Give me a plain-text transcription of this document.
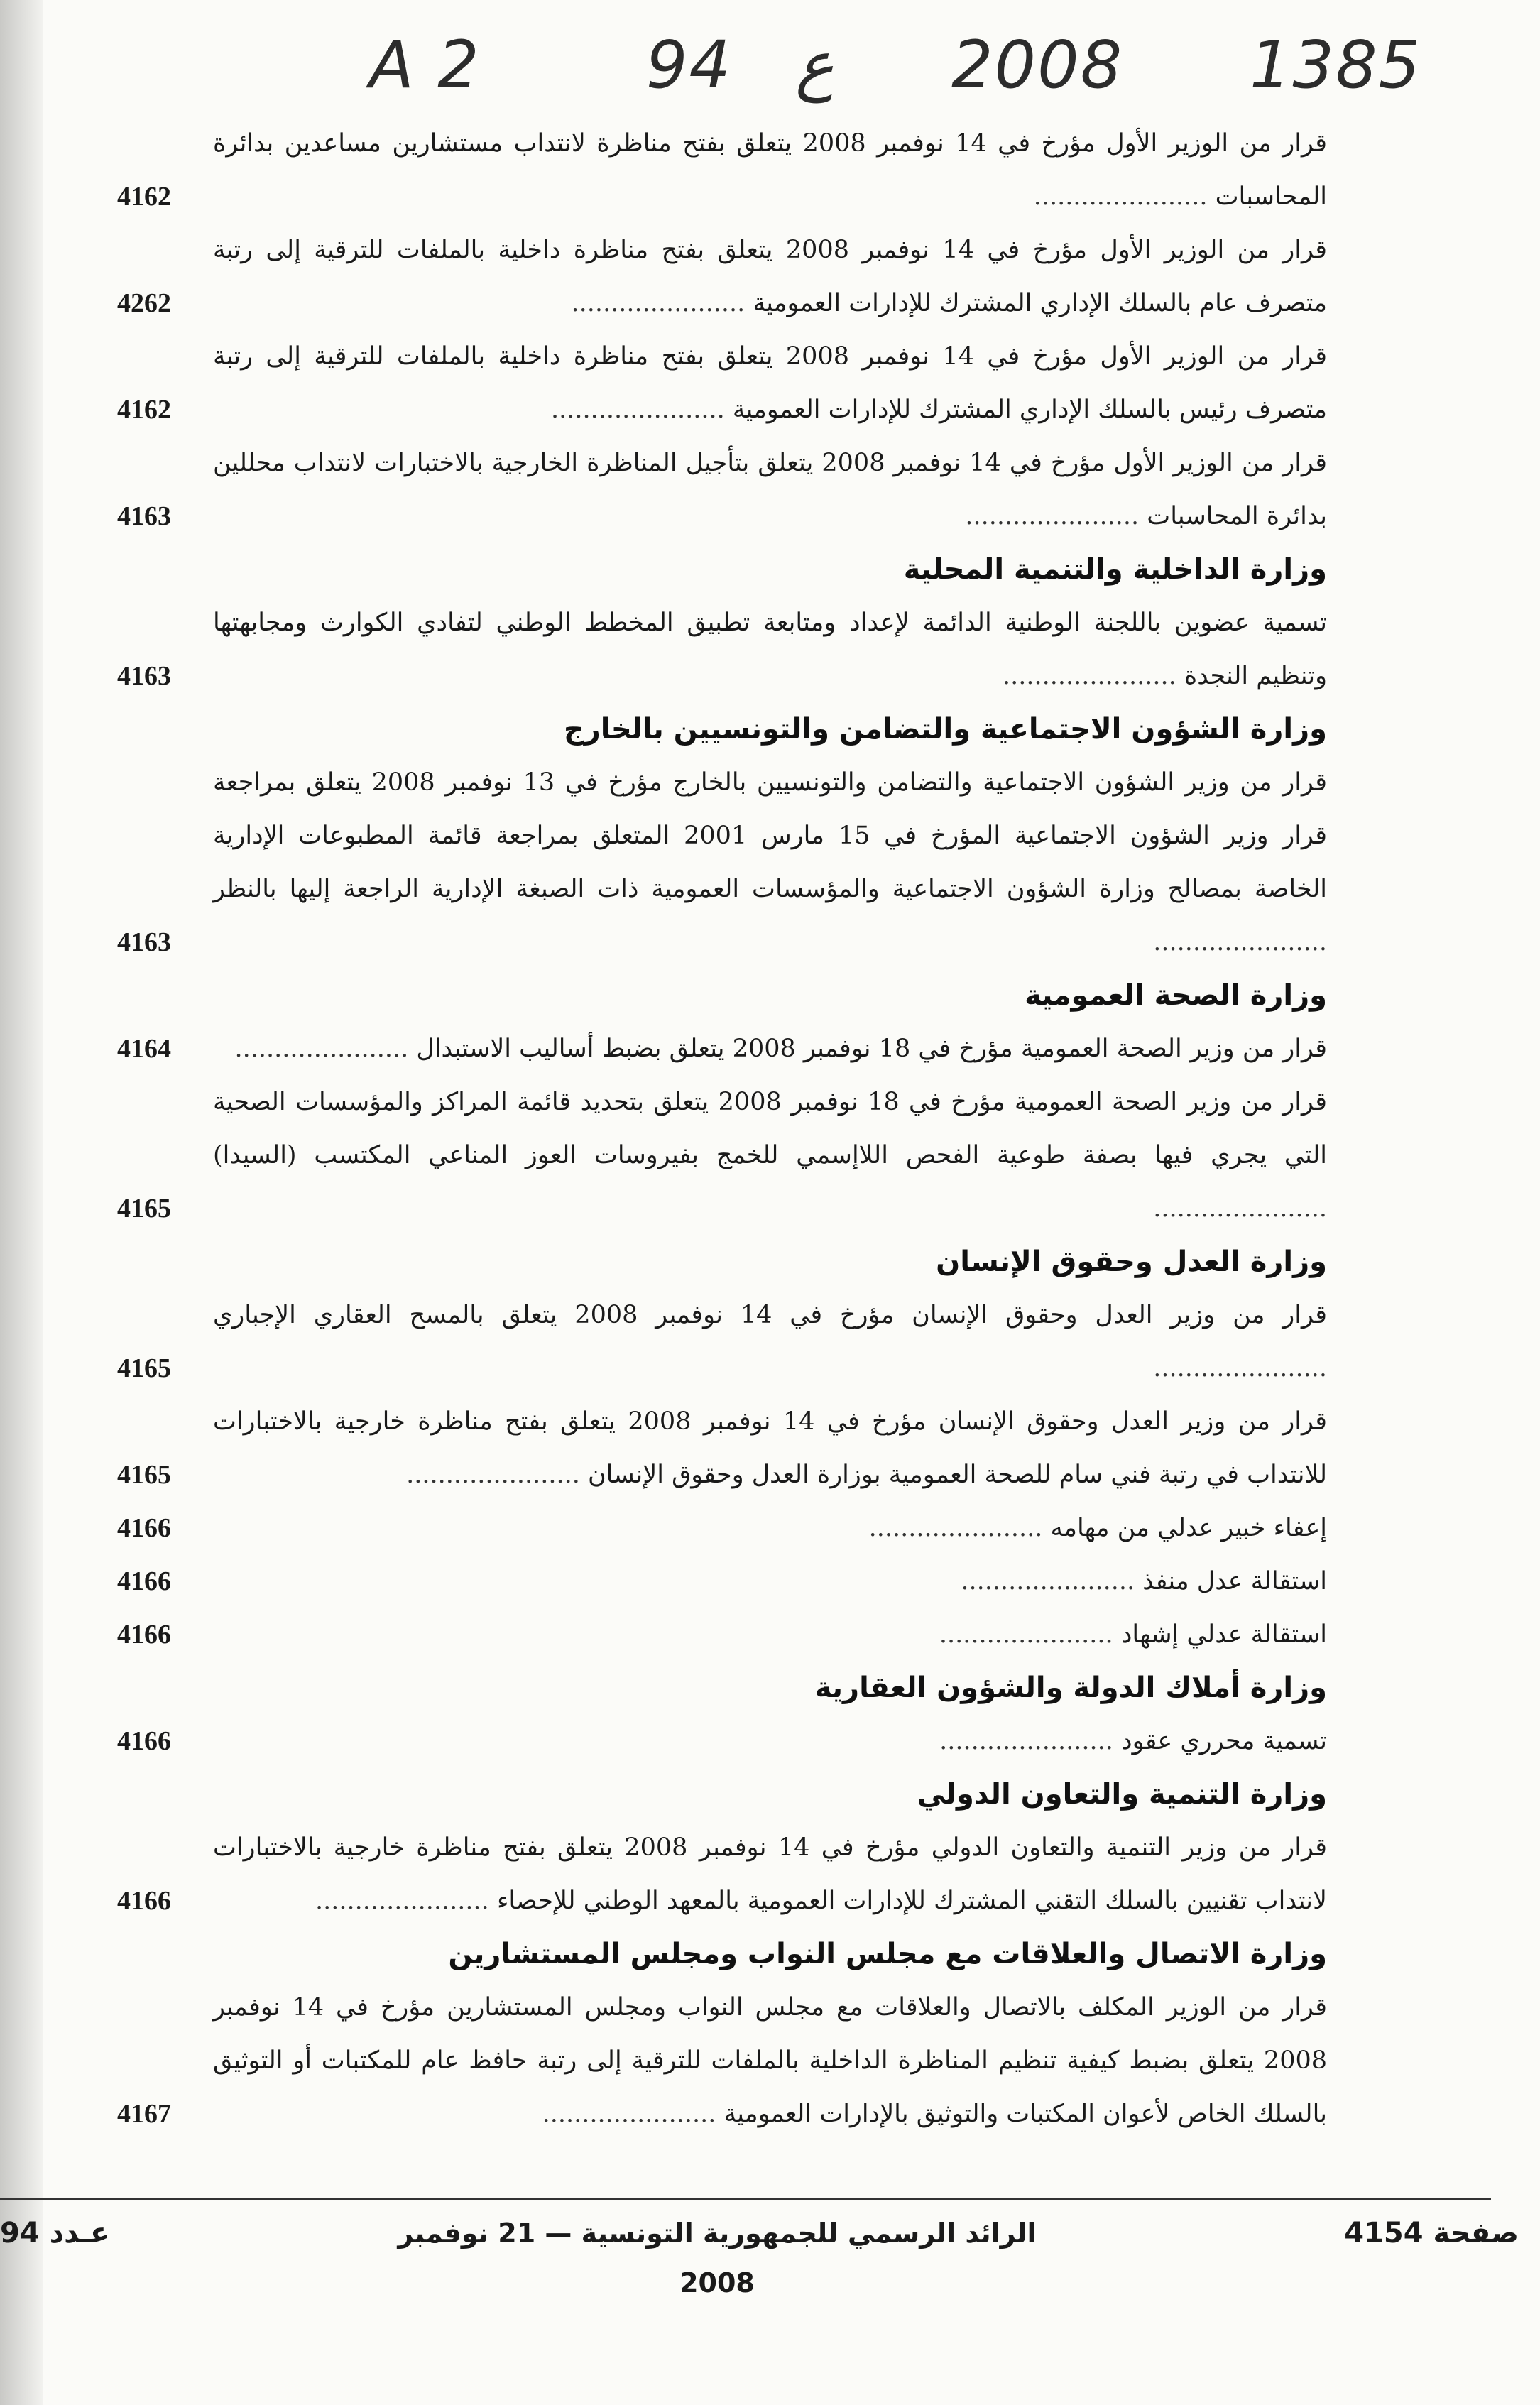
A 2	94 ع 2008 1385
قرار من الوزير الأول مؤرخ في 14 نوفمبر 2008 يتعلق بفتح مناظرة لانتداب مستشارين مساعدين بدائرة المحاسبات ......................
4162
قرار من الوزير الأول مؤرخ في 14 نوفمبر 2008 يتعلق بفتح مناظرة داخلية بالملفات للترقية إلى رتبة متصرف عام بالسلك الإداري المشترك للإدارات العمومية ......................
4262
قرار من الوزير الأول مؤرخ في 14 نوفمبر 2008 يتعلق بفتح مناظرة داخلية بالملفات للترقية إلى رتبة متصرف رئيس بالسلك الإداري المشترك للإدارات العمومية ......................
4162
قرار من الوزير الأول مؤرخ في 14 نوفمبر 2008 يتعلق بتأجيل المناظرة الخارجية بالاختبارات لانتداب محللين بدائرة المحاسبات ......................
4163
وزارة الداخلية والتنمية المحلية
تسمية عضوين باللجنة الوطنية الدائمة لإعداد ومتابعة تطبيق المخطط الوطني لتفادي الكوارث ومجابهتها وتنظيم النجدة ......................
4163
وزارة الشؤون الاجتماعية والتضامن والتونسيين بالخارج
قرار من وزير الشؤون الاجتماعية والتضامن والتونسيين بالخارج مؤرخ في 13 نوفمبر 2008 يتعلق بمراجعة قرار وزير الشؤون الاجتماعية المؤرخ في 15 مارس 2001 المتعلق بمراجعة قائمة المطبوعات الإدارية الخاصة بمصالح وزارة الشؤون الاجتماعية والمؤسسات العمومية ذات الصبغة الإدارية الراجعة إليها بالنظر ......................
4163
وزارة الصحة العمومية
قرار من وزير الصحة العمومية مؤرخ في 18 نوفمبر 2008 يتعلق بضبط أساليب الاستبدال ......................
4164
قرار من وزير الصحة العمومية مؤرخ في 18 نوفمبر 2008 يتعلق بتحديد قائمة المراكز والمؤسسات الصحية التي يجري فيها بصفة طوعية الفحص اللاإسمي للخمج بفيروسات العوز المناعي المكتسب (السيدا) ......................
4165
وزارة العدل وحقوق الإنسان
قرار من وزير العدل وحقوق الإنسان مؤرخ في 14 نوفمبر 2008 يتعلق بالمسح العقاري الإجباري ......................
4165
قرار من وزير العدل وحقوق الإنسان مؤرخ في 14 نوفمبر 2008 يتعلق بفتح مناظرة خارجية بالاختبارات للانتداب في رتبة فني سام للصحة العمومية بوزارة العدل وحقوق الإنسان ......................
4165
إعفاء خبير عدلي من مهامه ......................
4166
استقالة عدل منفذ ......................
4166
استقالة عدلي إشهاد ......................
4166
وزارة أملاك الدولة والشؤون العقارية
تسمية محرري عقود ......................
4166
وزارة التنمية والتعاون الدولي
قرار من وزير التنمية والتعاون الدولي مؤرخ في 14 نوفمبر 2008 يتعلق بفتح مناظرة خارجية بالاختبارات لانتداب تقنيين بالسلك التقني المشترك للإدارات العمومية بالمعهد الوطني للإحصاء ......................
4166
وزارة الاتصال والعلاقات مع مجلس النواب ومجلس المستشارين
قرار من الوزير المكلف بالاتصال والعلاقات مع مجلس النواب ومجلس المستشارين مؤرخ في 14 نوفمبر 2008 يتعلق بضبط كيفية تنظيم المناظرة الداخلية بالملفات للترقية إلى رتبة حافظ عام للمكتبات أو التوثيق بالسلك الخاص لأعوان المكتبات والتوثيق بالإدارات العمومية ......................
4167
عـدد 94	الرائد الرسمي للجمهورية التونسية — 21 نوفمبر 2008
صفحة 4154
